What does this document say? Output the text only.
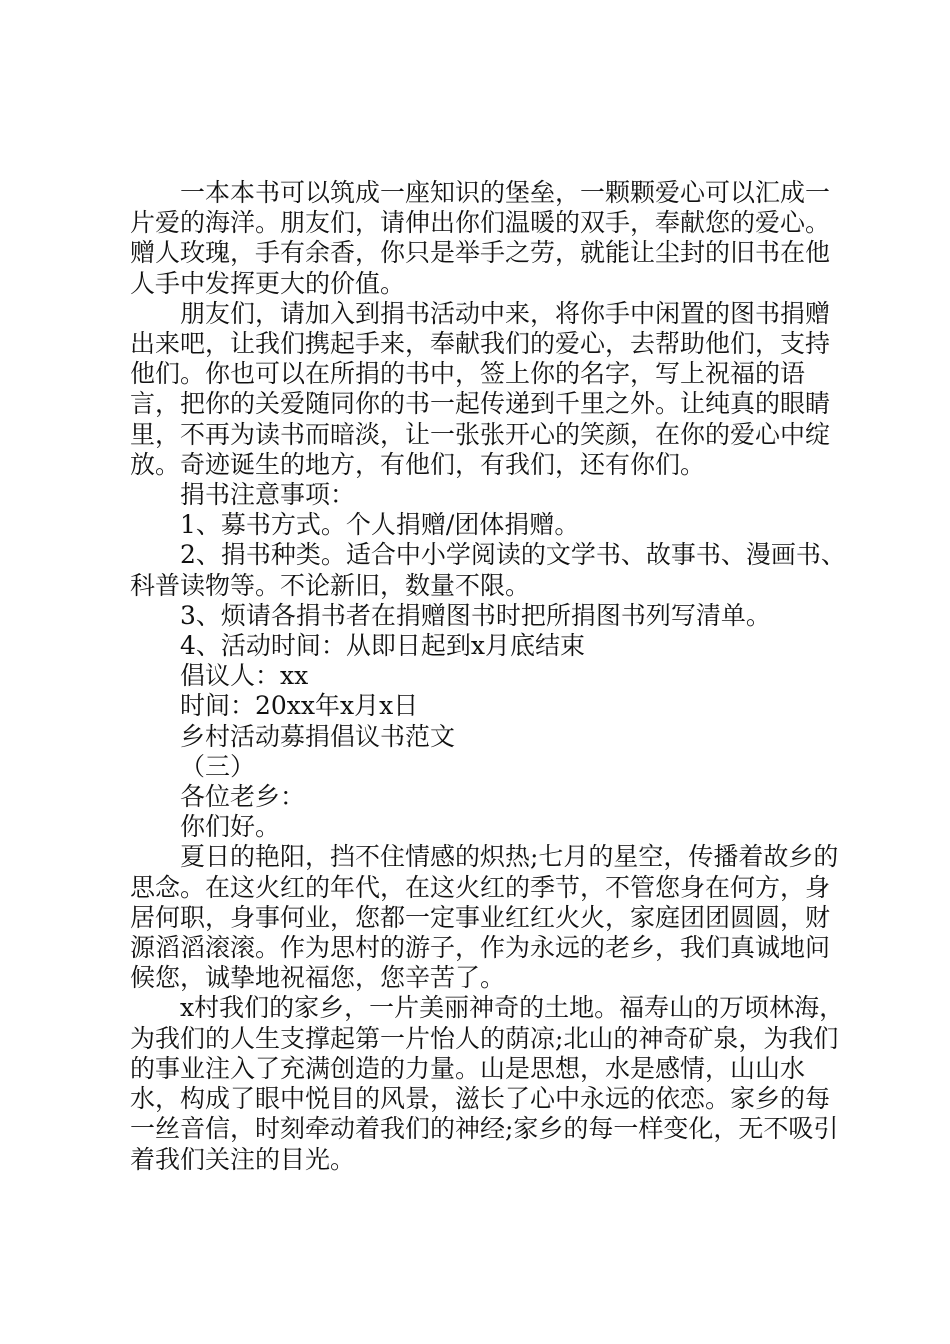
一本本书可以筑成一座知识的堡垒，一颗颗爱心可以汇成一片爱的海洋。朋友们，请伸出你们温暖的双手，奉献您的爱心。赠人玫瑰，手有余香，你只是举手之劳，就能让尘封的旧书在他人手中发挥更大的价值。

朋友们，请加入到捐书活动中来，将你手中闲置的图书捐赠出来吧，让我们携起手来，奉献我们的爱心，去帮助他们，支持他们。你也可以在所捐的书中，签上你的名字，写上祝福的语言，把你的关爱随同你的书一起传递到千里之外。让纯真的眼睛里，不再为读书而暗淡，让一张张开心的笑颜，在你的爱心中绽放。奇迹诞生的地方，有他们，有我们，还有你们。

捐书注意事项：

1、募书方式。个人捐赠/团体捐赠。

2、捐书种类。适合中小学阅读的文学书、故事书、漫画书、科普读物等。不论新旧，数量不限。

3、烦请各捐书者在捐赠图书时把所捐图书列写清单。

4、活动时间：从即日起到x月底结束

倡议人：xx

时间：20xx年x月x日

乡村活动募捐倡议书范文

（三）

各位老乡：

你们好。

夏日的艳阳，挡不住情感的炽热;七月的星空，传播着故乡的思念。在这火红的年代，在这火红的季节，不管您身在何方，身居何职，身事何业，您都一定事业红红火火，家庭团团圆圆，财源滔滔滚滚。作为思村的游子，作为永远的老乡，我们真诚地问候您，诚挚地祝福您，您辛苦了。

x村我们的家乡，一片美丽神奇的土地。福寿山的万顷林海，为我们的人生支撑起第一片怡人的荫凉;北山的神奇矿泉，为我们的事业注入了充满创造的力量。山是思想，水是感情，山山水水，构成了眼中悦目的风景，滋长了心中永远的依恋。家乡的每一丝音信，时刻牵动着我们的神经;家乡的每一样变化，无不吸引着我们关注的目光。
